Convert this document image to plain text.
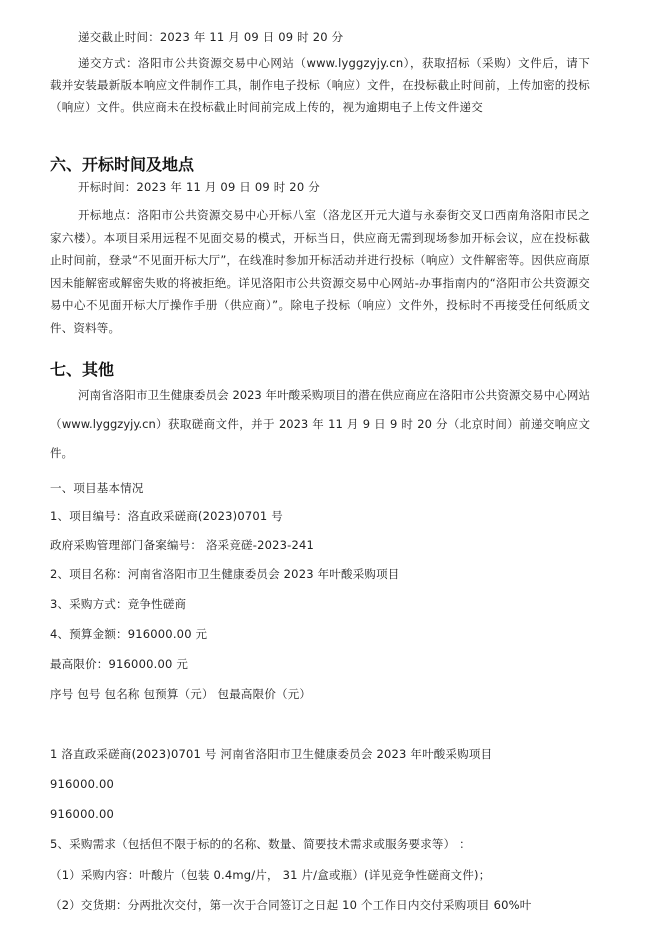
递交截止时间：2023 年 11 月 09 日 09 时 20 分
递交方式：洛阳市公共资源交易中心网站（www.lyggzyjy.cn），获取招标（采购）文件后，请下载并安装最新版本响应文件制作工具，制作电子投标（响应）文件，在投标截止时间前，上传加密的投标（响应）文件。供应商未在投标截止时间前完成上传的，视为逾期电子上传文件递交
六、开标时间及地点
开标时间：2023 年 11 月 09 日 09 时 20 分
开标地点：洛阳市公共资源交易中心开标八室（洛龙区开元大道与永泰街交叉口西南角洛阳市民之家六楼）。本项目采用远程不见面交易的模式，开标当日，供应商无需到现场参加开标会议，应在投标截止时间前，登录“不见面开标大厅”，在线准时参加开标活动并进行投标（响应）文件解密等。因供应商原因未能解密或解密失败的将被拒绝。详见洛阳市公共资源交易中心网站-办事指南内的“洛阳市公共资源交易中心不见面开标大厅操作手册（供应商）”。除电子投标（响应）文件外，投标时不再接受任何纸质文件、资料等。
七、其他
河南省洛阳市卫生健康委员会 2023 年叶酸采购项目的潜在供应商应在洛阳市公共资源交易中心网站（www.lyggzyjy.cn）获取磋商文件，并于 2023 年 11 月 9 日 9 时 20 分（北京时间）前递交响应文件。
一、项目基本情况
1、项目编号：洛直政采磋商(2023)0701 号
政府采购管理部门备案编号： 洛采竞磋-2023-241
2、项目名称：河南省洛阳市卫生健康委员会 2023 年叶酸采购项目
3、采购方式：竞争性磋商
4、预算金额：916000.00 元
最高限价：916000.00 元
序号 包号 包名称 包预算（元） 包最高限价（元）
1 洛直政采磋商(2023)0701 号 河南省洛阳市卫生健康委员会 2023 年叶酸采购项目
916000.00
916000.00
5、采购需求（包括但不限于标的的名称、数量、简要技术需求或服务要求等） ：
（1）采购内容：叶酸片（包装 0.4mg/片， 31 片/盒或瓶）(详见竞争性磋商文件)；
（2）交货期：分两批次交付，第一次于合同签订之日起 10 个工作日内交付采购项目 60%叶
